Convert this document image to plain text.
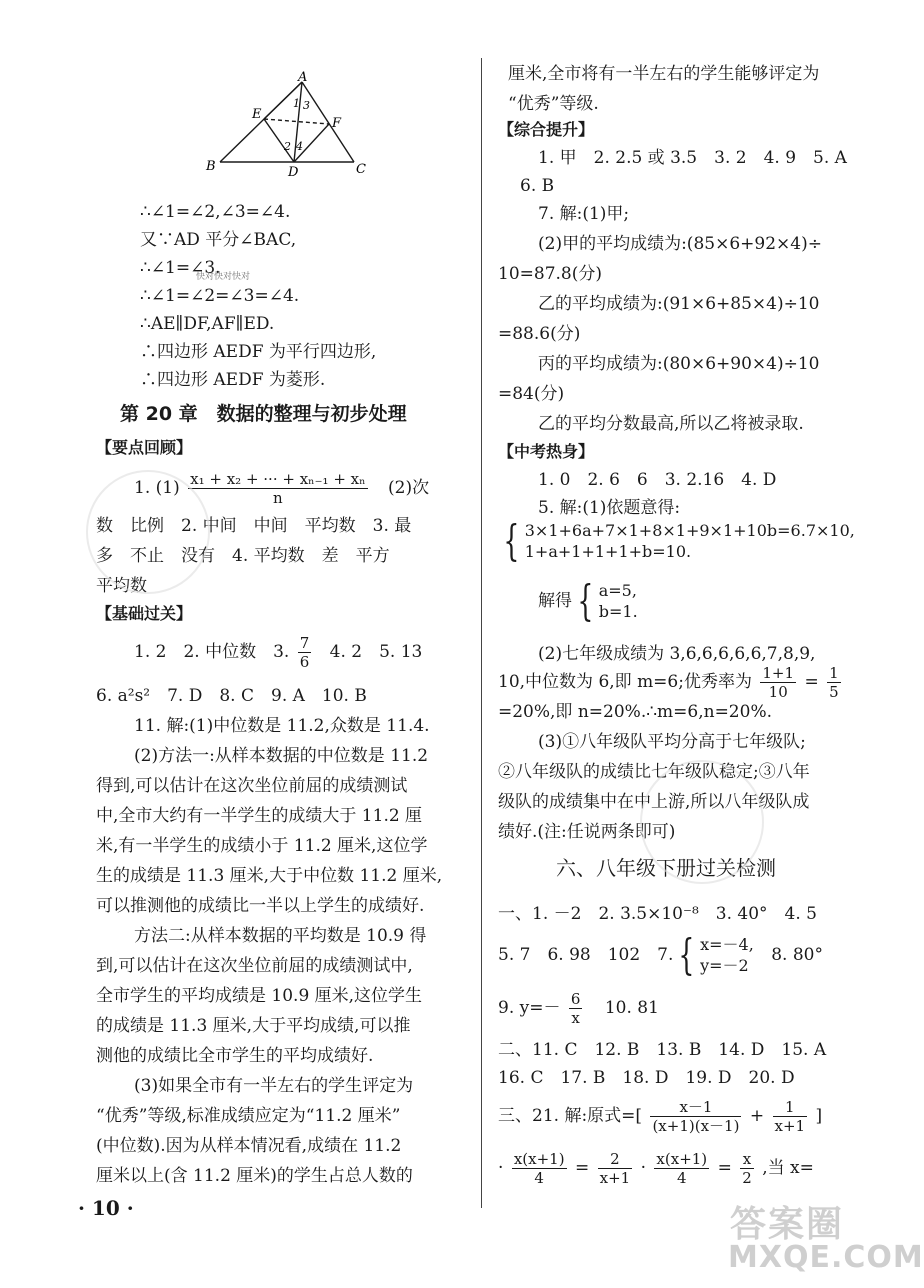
A
B	C
D
E
F
1 3
2 4
∴∠1=∠2,∠3=∠4.
又∵AD 平分∠BAC,
∴∠1=∠3.
∴∠1=∠2=∠3=∠4.
∴AE∥DF,AF∥ED.
∴四边形 AEDF 为平行四边形,
∴四边形 AEDF 为菱形.
第 20 章　数据的整理与初步处理
【要点回顾】
1. $(1) \frac{\text{x₁ + x₂ + ··· + xₙ₋₁ + xₙ}}{n} (2)$次
数　比例　2. 中间　中间　平均数　3. 最
多　不止　没有　4. 平均数　差　平方
平均数
【基础过关】
1. 2　2. 中位数　3. $\frac{7}{6} 4$. 2　5. 13
6. a²s²　7. D　8. C　9. A　10. B
11. 解:(1)中位数是 11.2,众数是 11.4.
(2)方法一:从样本数据的中位数是 11.2
得到,可以估计在这次坐位前屈的成绩测试
中,全市大约有一半学生的成绩大于 11.2 厘
米,有一半学生的成绩小于 11.2 厘米,这位学
生的成绩是 11.3 厘米,大于中位数 11.2 厘米,
可以推测他的成绩比一半以上学生的成绩好.
方法二:从样本数据的平均数是 10.9 得
到,可以估计在这次坐位前屈的成绩测试中,
全市学生的平均成绩是 10.9 厘米,这位学生
的成绩是 11.3 厘米,大于平均成绩,可以推
测他的成绩比全市学生的平均成绩好.
(3)如果全市有一半左右的学生评定为
“优秀”等级,标准成绩应定为“11.2 厘米”
(中位数).因为从样本情况看,成绩在 11.2
厘米以上(含 11.2 厘米)的学生占总人数的
· 10 ·
厘米,全市将有一半左右的学生能够评定为
“优秀”等级.
【综合提升】
1. 甲　2. 2.5 或 3.5　3. 2　4. 9　5. A
6. B
7. 解:(1)甲;
(2)甲的平均成绩为:(85×6+92×4)÷
10=87.8(分)
乙的平均成绩为:(91×6+85×4)÷10
=88.6(分)
丙的平均成绩为:(80×6+90×4)÷10
=84(分)
乙的平均分数最高,所以乙将被录取.
【中考热身】
1. 0　2. 6　6　3. 2.16　4. D
5. 解:(1)依题意得:
{ 3×1+6a+7×1+8×1+9×1+10b=6.7×10,
1+a+1+1+1+b=10.
解得 { a=5,
b=1.
(2)七年级成绩为 3,6,6,6,6,6,7,8,9,
10,中位数为 6,即 m=6;优秀率为 $\frac{1+1}{10} = \frac{1}{5}$
=20%,即 n=20%.∴m=6,n=20%.
(3)①八年级队平均分高于七年级队;
②八年级队的成绩比七年级队稳定;③八年
级队的成绩集中在中上游,所以八年级队成
绩好.(注:任说两条即可)
六、八年级下册过关检测
一、1. －2　2. 3.5×10⁻⁸　3. 40°　4. 5
5. 7　6. 98　102　7. { x=－4,
y=－2
8. 80°
9. $y=- \frac{6}{x} 10$. 81
二、11. C　12. B　13. B　14. D　15. A
16. C　17. B　18. D　19. D　20. D
三、21. 解:原式=[ $\frac{x-1}{(x+1)(x-1)} + \frac{1}{x+1}$ ]
· $\frac{x(x+1)}{4} = \frac{2}{x+1} \cdot \frac{x(x+1)}{4} = \frac{x}{2}$ ,当 x=
快对快对快对
答案圈
MXQE.COM
